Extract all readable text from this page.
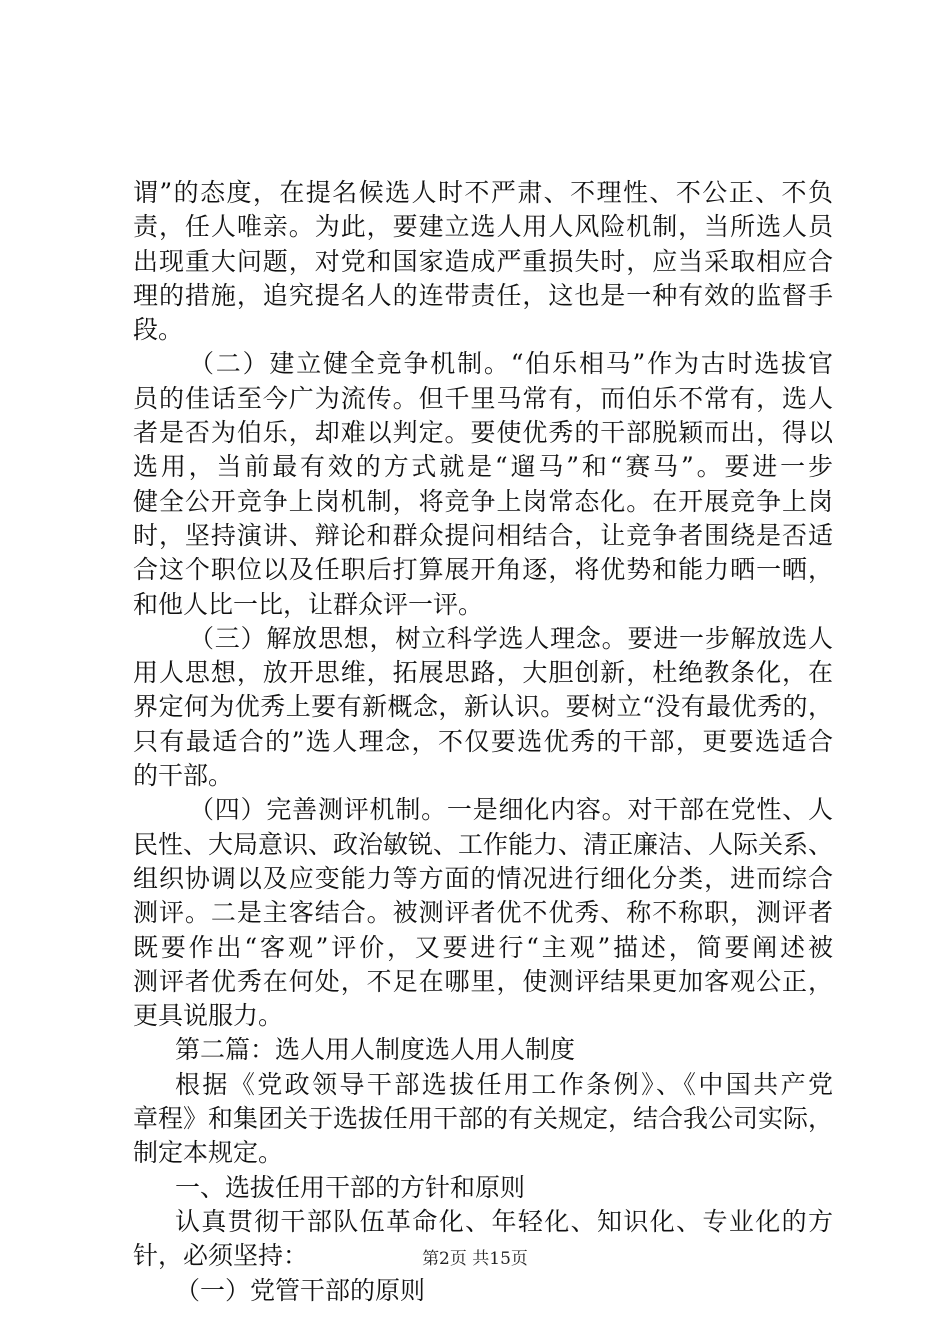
谓”的态度，在提名候选人时不严肃、不理性、不公正、不负
责，任人唯亲。为此，要建立选人用人风险机制，当所选人员
出现重大问题，对党和国家造成严重损失时，应当采取相应合
理的措施，追究提名人的连带责任，这也是一种有效的监督手
段。
（二）建立健全竞争机制。“伯乐相马”作为古时选拔官
员的佳话至今广为流传。但千里马常有，而伯乐不常有，选人
者是否为伯乐，却难以判定。要使优秀的干部脱颖而出，得以
选用，当前最有效的方式就是“遛马”和“赛马”。要进一步
健全公开竞争上岗机制，将竞争上岗常态化。在开展竞争上岗
时，坚持演讲、辩论和群众提问相结合，让竞争者围绕是否适
合这个职位以及任职后打算展开角逐，将优势和能力晒一晒，
和他人比一比，让群众评一评。
（三）解放思想，树立科学选人理念。要进一步解放选人
用人思想，放开思维，拓展思路，大胆创新，杜绝教条化，在
界定何为优秀上要有新概念，新认识。要树立“没有最优秀的，
只有最适合的”选人理念，不仅要选优秀的干部，更要选适合
的干部。
（四）完善测评机制。一是细化内容。对干部在党性、人
民性、大局意识、政治敏锐、工作能力、清正廉洁、人际关系、
组织协调以及应变能力等方面的情况进行细化分类，进而综合
测评。二是主客结合。被测评者优不优秀、称不称职，测评者
既要作出“客观”评价，又要进行“主观”描述，简要阐述被
测评者优秀在何处，不足在哪里，使测评结果更加客观公正，
更具说服力。
第二篇：选人用人制度选人用人制度
根据《党政领导干部选拔任用工作条例》、《中国共产党
章程》和集团关于选拔任用干部的有关规定，结合我公司实际，
制定本规定。
一、选拔任用干部的方针和原则
认真贯彻干部队伍革命化、年轻化、知识化、专业化的方
针，必须坚持：
（一）党管干部的原则
第2页 共15页
